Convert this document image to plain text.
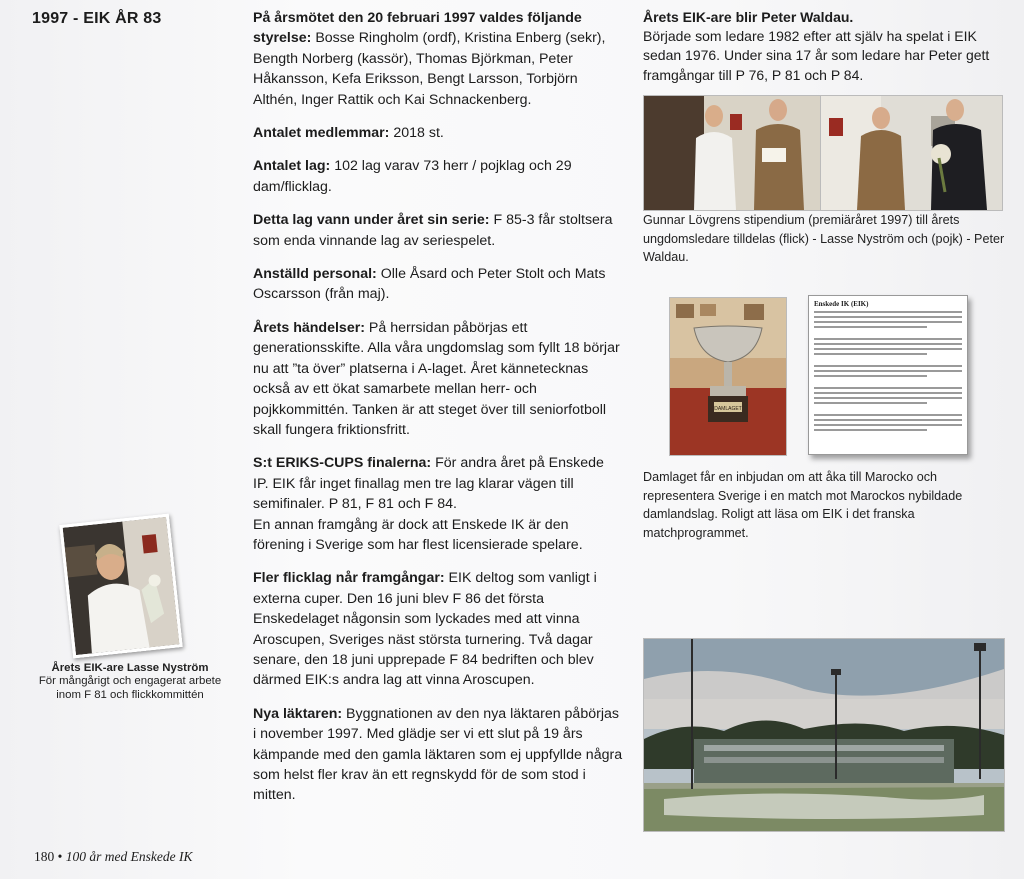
1997 - EIK ÅR 83
Årets EIK-are Lasse Nyström
För mångårigt och engagerat arbete
inom F 81 och flickkommittén

På årsmötet den 20 februari 1997 valdes följande styrelse: Bosse Ringholm (ordf), Kristina Enberg (sekr), Bength Norberg (kassör), Thomas Björkman, Peter Håkansson, Kefa Eriksson, Bengt Larsson, Torbjörn Althén, Inger Rattik och Kai Schnackenberg.

Antalet medlemmar: 2018 st.

Antalet lag: 102 lag varav 73 herr / pojklag och 29 dam/flicklag.

Detta lag vann under året sin serie: F 85-3 får stoltsera som enda vinnande lag av seriespelet.

Anställd personal: Olle Åsard och Peter Stolt och Mats Oscarsson (från maj).

Årets händelser: På herrsidan påbörjas ett generationsskifte. Alla våra ungdomslag som fyllt 18 börjar nu att ”ta över” platserna i A-laget. Året kännetecknas också av ett ökat samarbete mellan herr- och pojkkommittén. Tanken är att steget över till seniorfotboll skall fungera friktionsfritt.

S:t ERIKS-CUPS finalerna: För andra året på Enskede IP. EIK får inget finallag men tre lag klarar vägen till semifinaler. P 81, F 81 och F 84.
En annan framgång är dock att Enskede IK är den förening i Sverige som har flest licensierade spelare.

Fler flicklag når framgångar: EIK deltog som vanligt i externa cuper. Den 16 juni blev F 86 det första Enskedelaget någonsin som lyckades med att vinna Aroscupen, Sveriges näst största turnering. Två dagar senare, den 18 juni upprepade F 84 bedriften och blev därmed EIK:s andra lag att vinna Aroscupen.

Nya läktaren: Byggnationen av den nya läktaren påbörjas i november 1997. Med glädje ser vi ett slut på 19 års kämpande med den gamla läktaren som ej uppfyllde några som helst fler krav än ett regnskydd för de som stod i mitten.

Årets EIK-are blir Peter Waldau.

Började som ledare 1982 efter att själv ha spelat i EIK sedan 1976. Under sina 17 år som ledare har Peter gett framgångar till P 76, P 81 och P 84.

Gunnar Lövgrens stipendium (premiäråret 1997) till årets ungdomsledare tilldelas (flick) - Lasse Nyström och (pojk) - Peter Waldau.
DAMLAGET
Enskede IK (EIK)
Damlaget får en inbjudan om att åka till Marocko och representera Sverige i en match mot Marockos nybildade damlandslag. Roligt att läsa om EIK i det franska matchprogrammet.
180 • 100 år med Enskede IK
